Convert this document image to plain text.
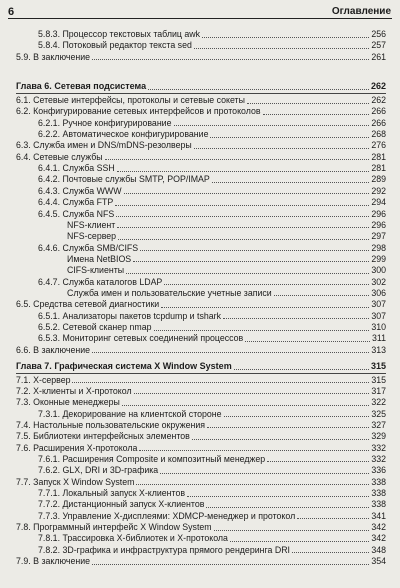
6	Оглавление
5.8.3. Процессор текстовых таблиц awk	256
5.8.4. Потоковый редактор текста sed	257
5.9. В заключение	261
Глава 6. Сетевая подсистема	262
6.1. Сетевые интерфейсы, протоколы и сетевые сокеты	262
6.2. Конфигурирование сетевых интерфейсов и протоколов	266
6.2.1. Ручное конфигурирование	266
6.2.2. Автоматическое конфигурирование	268
6.3. Служба имен и DNS/mDNS-резолверы	276
6.4. Сетевые службы	281
6.4.1. Служба SSH	281
6.4.2. Почтовые службы SMTP, POP/IMAP	289
6.4.3. Служба WWW	292
6.4.4. Служба FTP	294
6.4.5. Служба NFS	296
NFS-клиент	296
NFS-сервер	297
6.4.6. Служба SMB/CIFS	298
Имена NetBIOS	299
CIFS-клиенты	300
6.4.7. Служба каталогов LDAP	302
Служба имен и пользовательские учетные записи	306
6.5. Средства сетевой диагностики	307
6.5.1. Анализаторы пакетов tcpdump и tshark	307
6.5.2. Сетевой сканер nmap	310
6.5.3. Мониторинг сетевых соединений процессов	311
6.6. В заключение	313
Глава 7. Графическая система X Window System	315
7.1. X-сервер	315
7.2. X-клиенты и X-протокол	317
7.3. Оконные менеджеры	322
7.3.1. Декорирование на клиентской стороне	325
7.4. Настольные пользовательские окружения	327
7.5. Библиотеки интерфейсных элементов	329
7.6. Расширения X-протокола	332
7.6.1. Расширения Composite и композитный менеджер	332
7.6.2. GLX, DRI и 3D-графика	336
7.7. Запуск X Window System	338
7.7.1. Локальный запуск X-клиентов	338
7.7.2. Дистанционный запуск X-клиентов	338
7.7.3. Управление X-дисплеями: XDMCP-менеджер и протокол	341
7.8. Программный интерфейс X Window System	342
7.8.1. Трассировка X-библиотек и X-протокола	342
7.8.2. 3D-графика и инфраструктура прямого рендеринга DRI	348
7.9. В заключение	354
